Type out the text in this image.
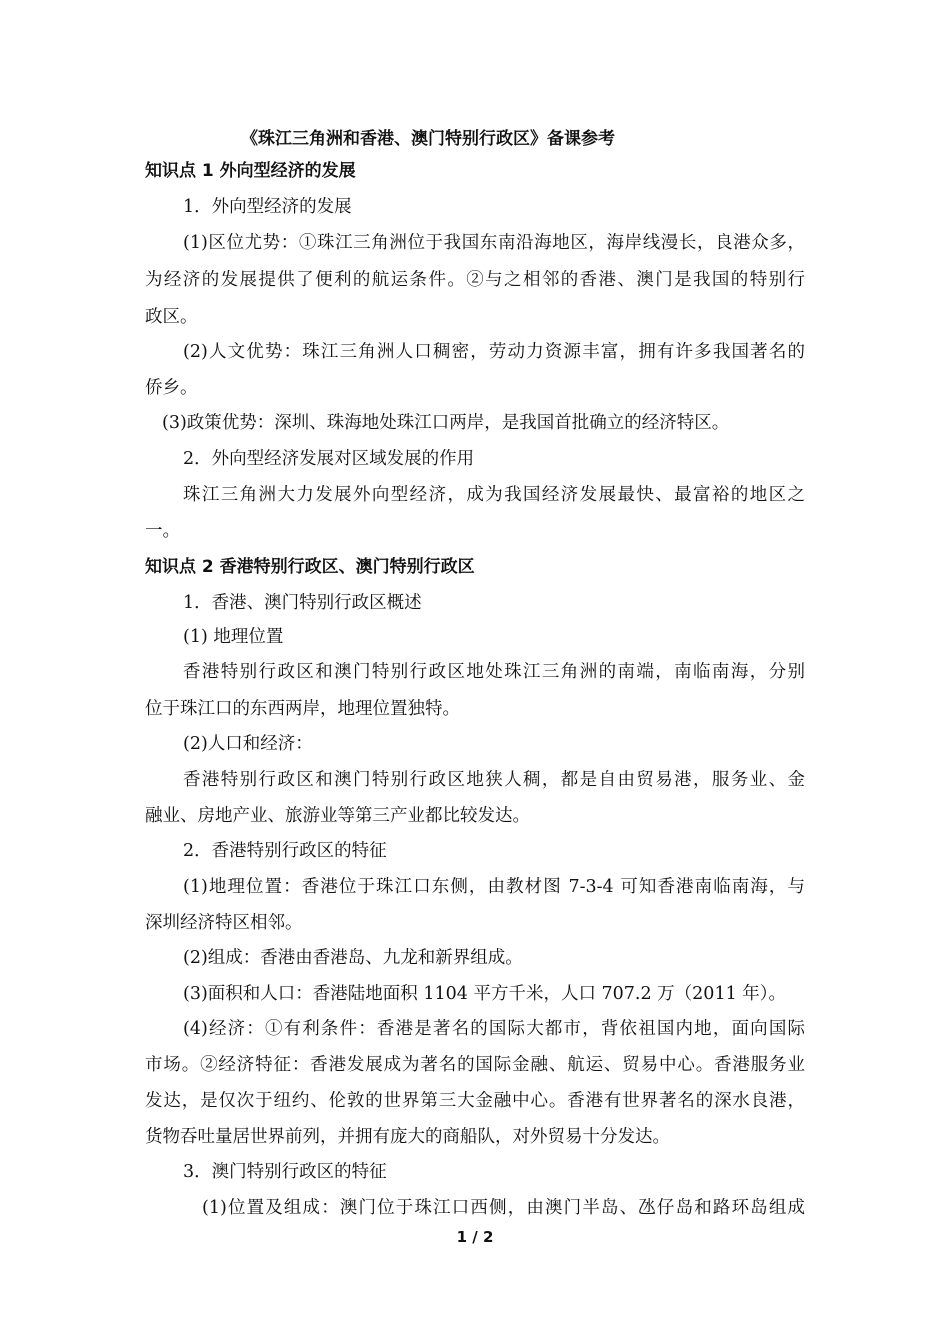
《珠江三角洲和香港、澳门特别行政区》备课参考
知识点 1 外向型经济的发展
1．外向型经济的发展
(1)区位尤势：①珠江三角洲位于我国东南沿海地区，海岸线漫长，良港众多，
为经济的发展提供了便利的航运条件。②与之相邻的香港、澳门是我国的特别行
政区。
(2)人文优势：珠江三角洲人口稠密，劳动力资源丰富，拥有许多我国著名的
侨乡。
(3)政策优势：深圳、珠海地处珠江口两岸，是我国首批确立的经济特区。
2．外向型经济发展对区域发展的作用
珠江三角洲大力发展外向型经济，成为我国经济发展最快、最富裕的地区之
一。
知识点 2 香港特别行政区、澳门特别行政区
1．香港、澳门特别行政区概述
(1) 地理位置
香港特别行政区和澳门特别行政区地处珠江三角洲的南端，南临南海，分别
位于珠江口的东西两岸，地理位置独特。
(2)人口和经济：
香港特别行政区和澳门特别行政区地狭人稠，都是自由贸易港，服务业、金
融业、房地产业、旅游业等第三产业都比较发达。
2．香港特别行政区的特征
(1)地理位置：香港位于珠江口东侧，由教材图 7-3-4 可知香港南临南海，与
深圳经济特区相邻。
(2)组成：香港由香港岛、九龙和新界组成。
(3)面积和人口：香港陆地面积 1104 平方千米，人口 707.2 万（2011 年）。
(4)经济：①有利条件：香港是著名的国际大都市，背依祖国内地，面向国际
市场。②经济特征：香港发展成为著名的国际金融、航运、贸易中心。香港服务业
发达，是仅次于纽约、伦敦的世界第三大金融中心。香港有世界著名的深水良港，
货物吞吐量居世界前列，并拥有庞大的商船队，对外贸易十分发达。
3．澳门特别行政区的特征
(1)位置及组成：澳门位于珠江口西侧，由澳门半岛、氹仔岛和路环岛组成
1 / 2
